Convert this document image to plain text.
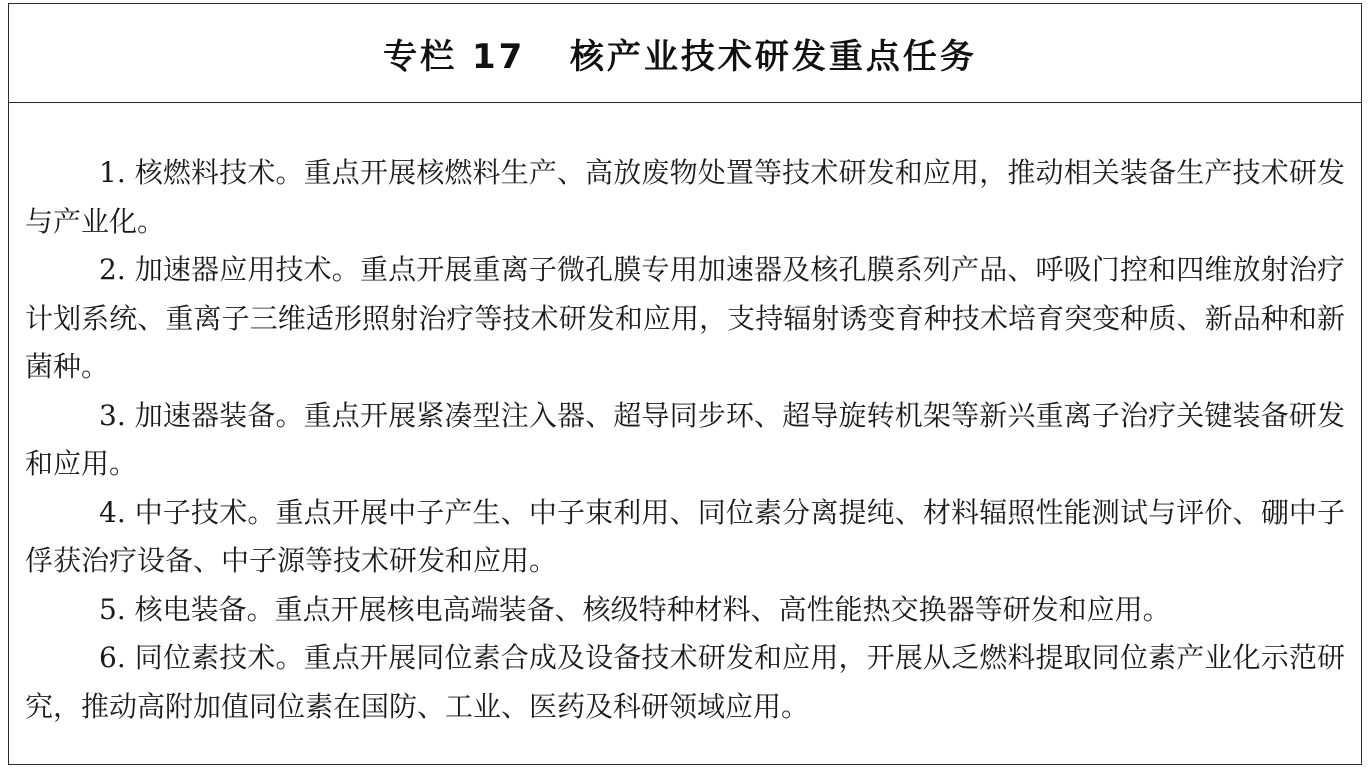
专栏 17   核产业技术研发重点任务

1. 核燃料技术。重点开展核燃料生产、高放废物处置等技术研发和应用，推动相关装备生产技术研发与产业化。

2. 加速器应用技术。重点开展重离子微孔膜专用加速器及核孔膜系列产品、呼吸门控和四维放射治疗计划系统、重离子三维适形照射治疗等技术研发和应用，支持辐射诱变育种技术培育突变种质、新品种和新菌种。

3. 加速器装备。重点开展紧凑型注入器、超导同步环、超导旋转机架等新兴重离子治疗关键装备研发和应用。

4. 中子技术。重点开展中子产生、中子束利用、同位素分离提纯、材料辐照性能测试与评价、硼中子俘获治疗设备、中子源等技术研发和应用。

5. 核电装备。重点开展核电高端装备、核级特种材料、高性能热交换器等研发和应用。

6. 同位素技术。重点开展同位素合成及设备技术研发和应用，开展从乏燃料提取同位素产业化示范研究，推动高附加值同位素在国防、工业、医药及科研领域应用。
